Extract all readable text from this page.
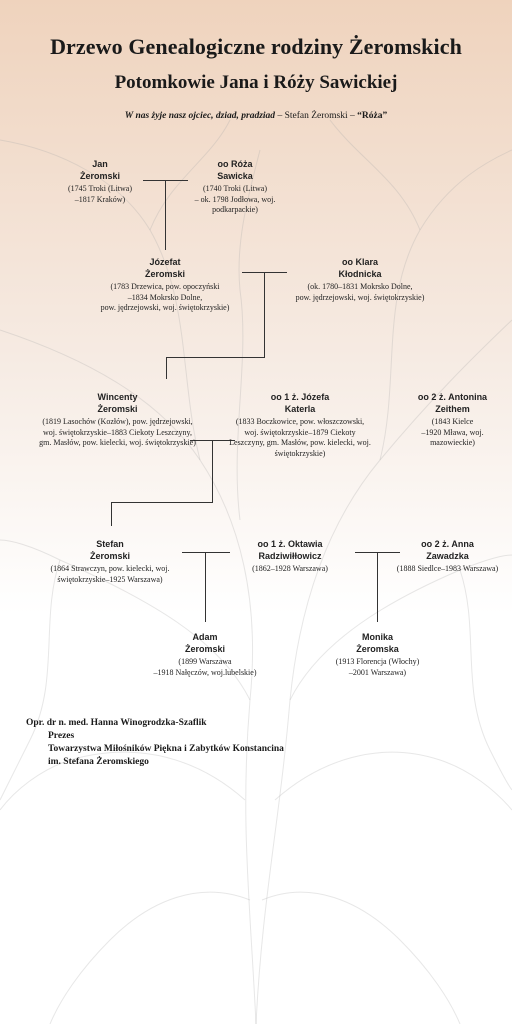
Drzewo Genealogiczne rodziny Żeromskich
Potomkowie Jana i Róży Sawickiej
W nas żyje nasz ojciec, dziad, pradziad – Stefan Żeromski – “Róża”
Jan
Żeromski
(1745 Troki (Litwa)
–1817 Kraków)
oo Róża
Sawicka
(1740 Troki (Litwa)
– ok. 1798 Jodłowa, woj.
podkarpackie)
Józefat
Żeromski
(1783 Drzewica, pow. opoczyński
–1834 Mokrsko Dolne,
pow. jędrzejowski, woj. świętokrzyskie)
oo Klara
Kłodnicka
(ok. 1780–1831 Mokrsko Dolne,
pow. jędrzejowski, woj. świętokrzyskie)
Wincenty
Żeromski
(1819 Lasochów (Kozłów), pow. jędrzejowski,
woj. świętokrzyskie–1883 Ciekoty Leszczyny,
gm. Masłów, pow. kielecki, woj. świętokrzyskie)
oo 1 ż. Józefa
Katerla
(1833 Boczkowice, pow. włoszczowski,
woj. świętokrzyskie–1879 Ciekoty
Leszczyny, gm. Masłów, pow. kielecki, woj.
świętokrzyskie)
oo 2 ż. Antonina
Zeithem
(1843 Kielce
–1920 Mława, woj.
mazowieckie)
Stefan
Żeromski
(1864 Strawczyn, pow. kielecki, woj.
świętokrzyskie–1925 Warszawa)
oo 1 ż. Oktawia
Radziwiłłowicz
(1862–1928 Warszawa)
oo 2 ż. Anna
Zawadzka
(1888 Siedlce–1983 Warszawa)
Adam
Żeromski
(1899 Warszawa
–1918 Nałęczów, woj.lubelskie)
Monika
Żeromska
(1913 Florencja (Włochy)
–2001 Warszawa)
Opr. dr n. med. Hanna Winogrodzka-Szaflik
Prezes
Towarzystwa Miłośników Piękna i Zabytków Konstancina
im. Stefana Żeromskiego
